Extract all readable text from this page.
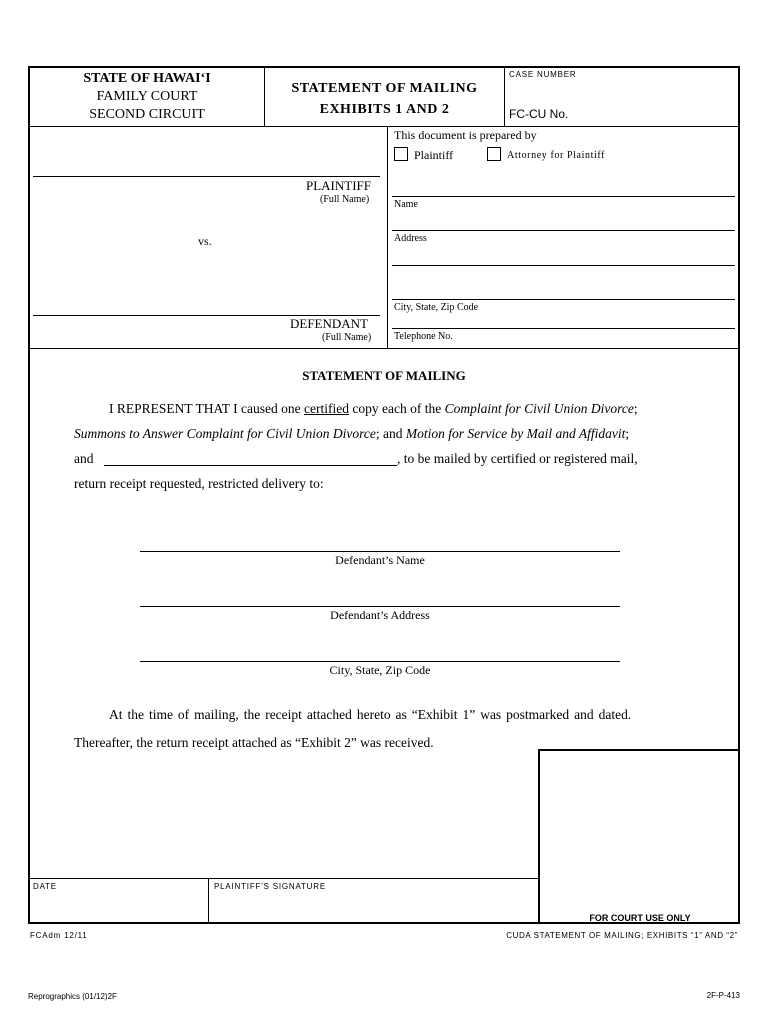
STATE OF HAWAI‘I
FAMILY COURT
SECOND CIRCUIT
STATEMENT OF MAILING
EXHIBITS 1 AND 2
CASE NUMBER
FC-CU No.
PLAINTIFF
(Full Name)
vs.
DEFENDANT
(Full Name)
This document is prepared by
Plaintiff	Attorney for Plaintiff
Name
Address
City, State, Zip Code
Telephone No.
STATEMENT OF MAILING
I REPRESENT THAT I caused one certified copy each of the Complaint for Civil Union Divorce;
Summons to Answer Complaint for Civil Union Divorce; and Motion for Service by Mail and Affidavit;
and	, to be mailed by certified or registered mail,
return receipt requested, restricted delivery to:
Defendant’s Name
Defendant’s Address
City, State, Zip Code
At the time of mailing, the receipt attached hereto as “Exhibit 1” was postmarked and dated.
Thereafter, the return receipt attached as “Exhibit 2” was received.
FOR COURT USE ONLY
DATE	PLAINTIFF'S SIGNATURE
FCAdm 12/11	CUDA STATEMENT OF MAILING; EXHIBITS “1” AND “2”
Reprographics (01/12)2F	2F-P-413
